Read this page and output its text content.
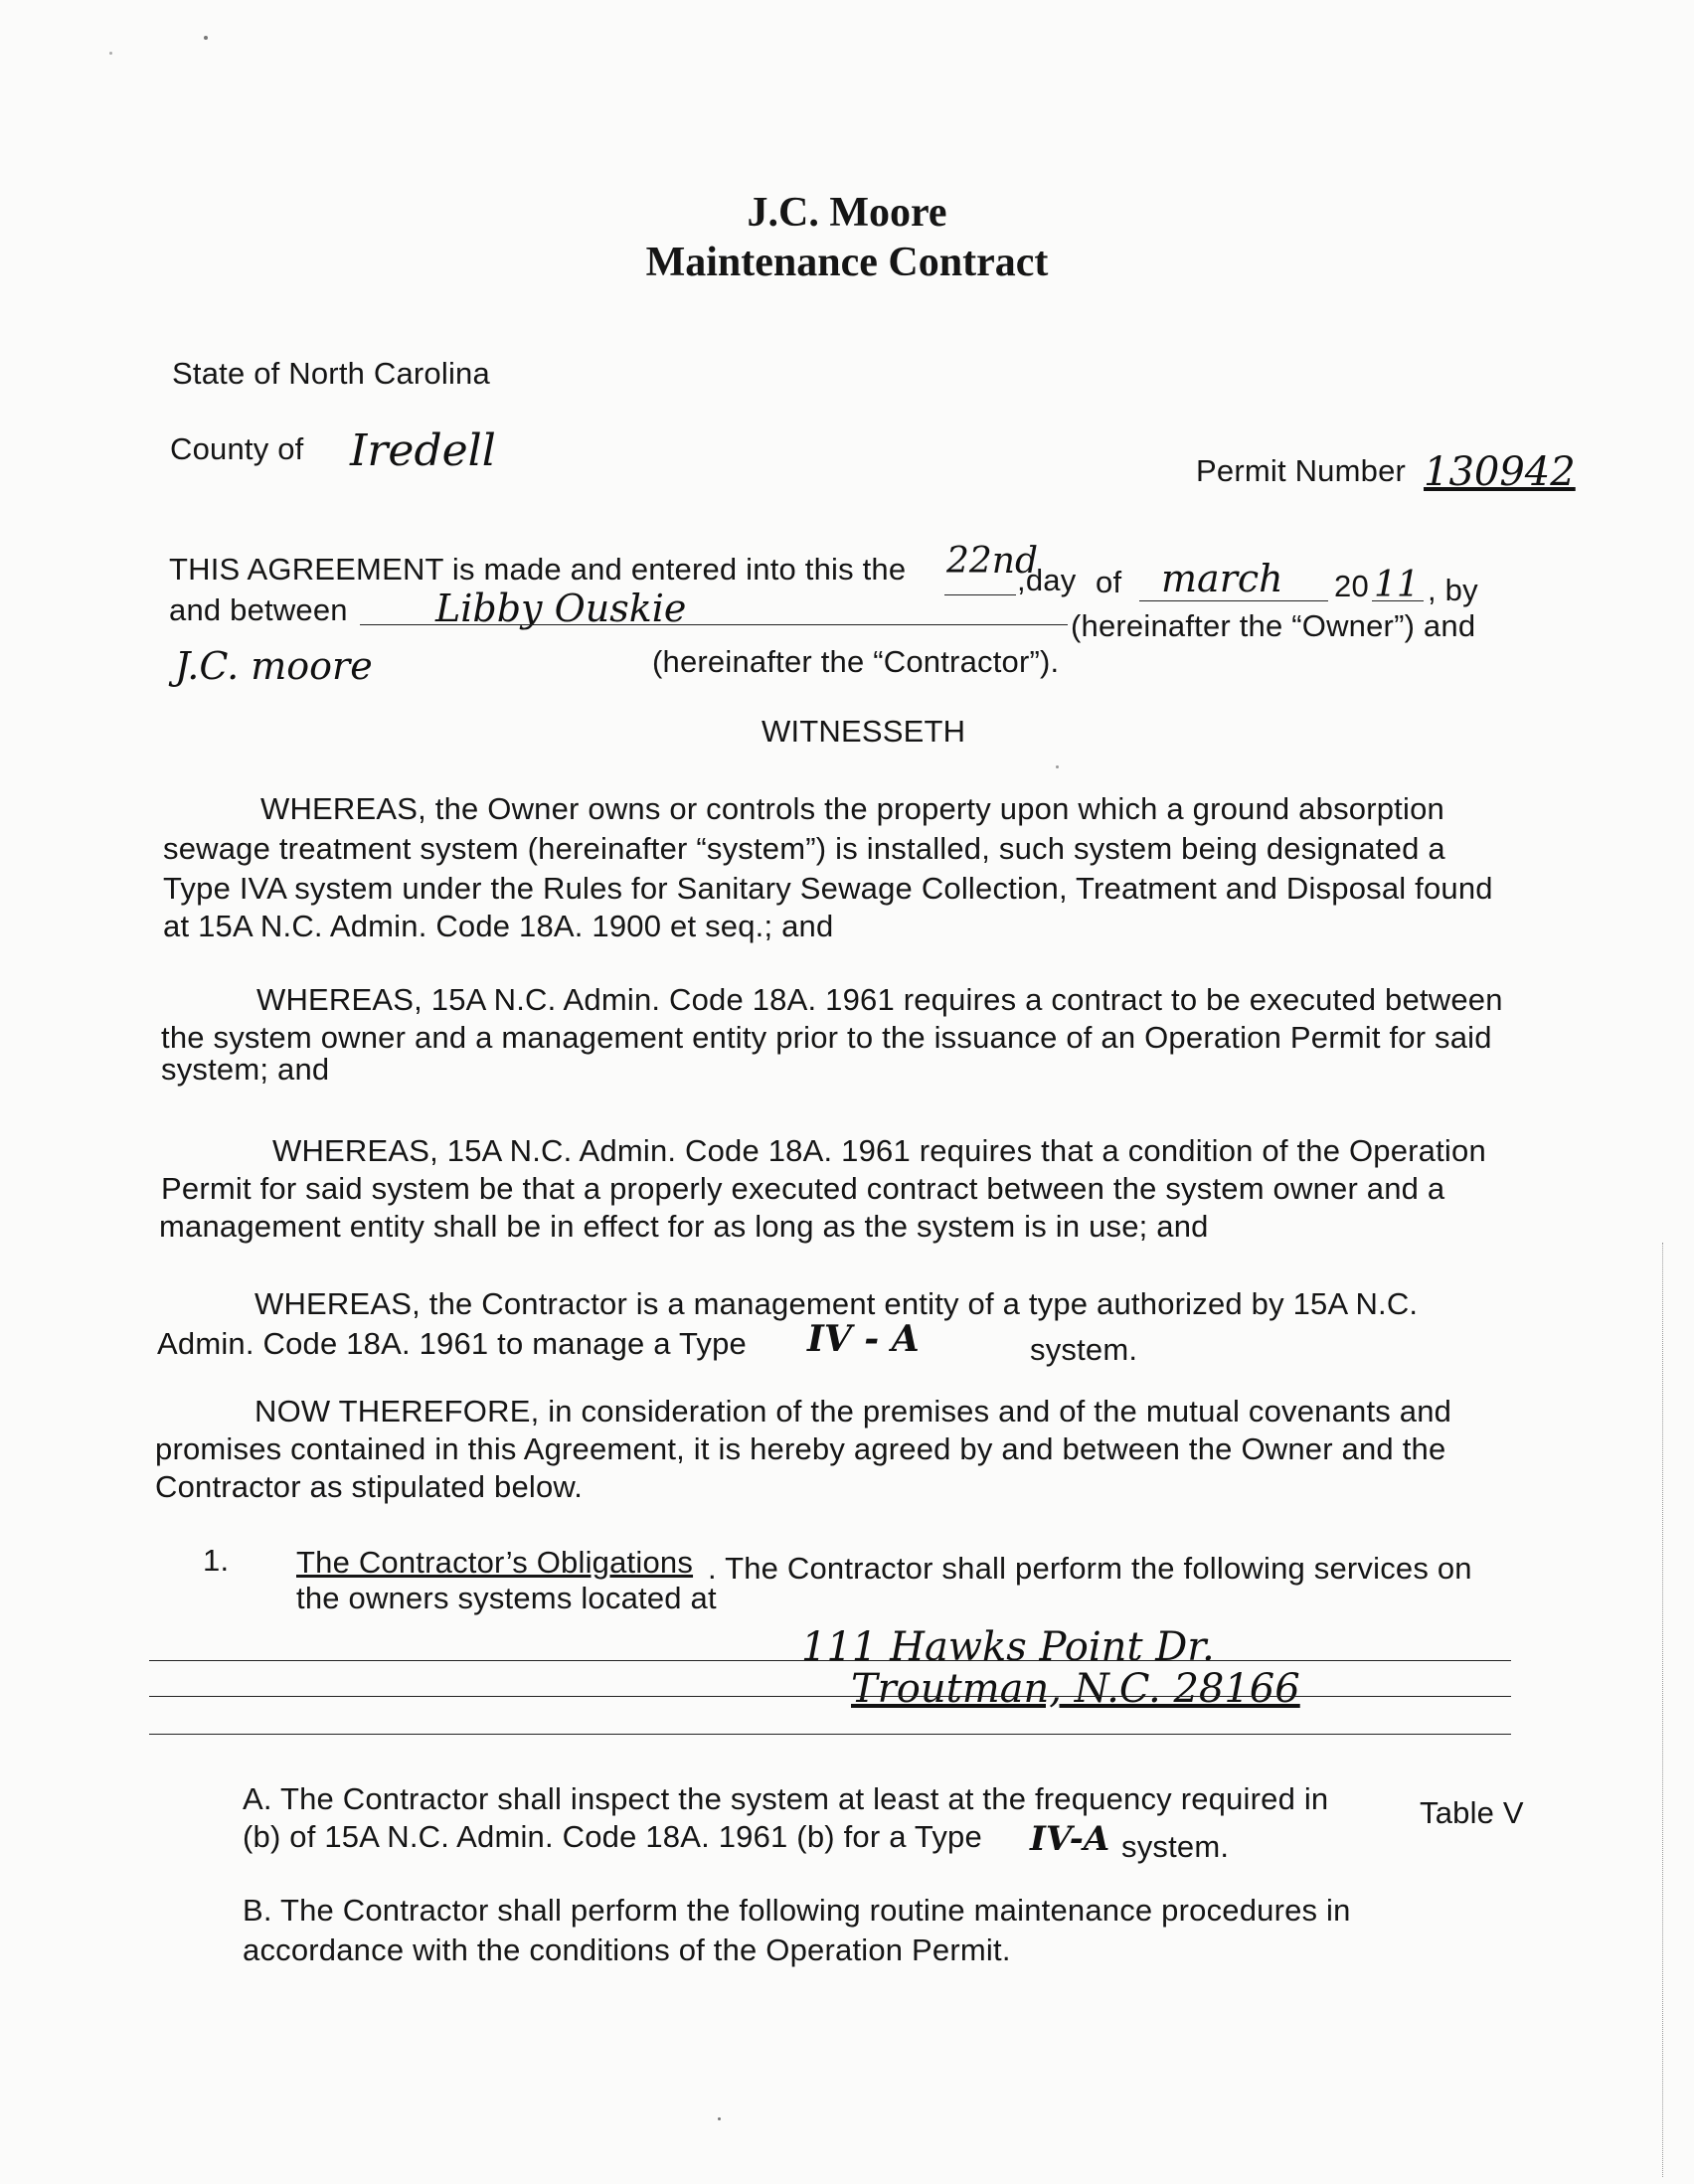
J.C. Moore
Maintenance Contract
State of North Carolina
County of Iredell	Permit Number 130942
THIS AGREEMENT is made and entered into this the 22nd
,day of march 20 11 , by
and between Libby Ouskie	(hereinafter the “Owner”) and
J.C. moore	(hereinafter the “Contractor”).
WITNESSETH
WHEREAS, the Owner owns or controls the property upon which a ground absorption
sewage treatment system (hereinafter “system”) is installed, such system being designated a
Type IVA system under the Rules for Sanitary Sewage Collection, Treatment and Disposal found
at 15A N.C. Admin. Code 18A. 1900 et seq.; and
WHEREAS, 15A N.C. Admin. Code 18A. 1961 requires a contract to be executed between
the system owner and a management entity prior to the issuance of an Operation Permit for said
system; and
WHEREAS, 15A N.C. Admin. Code 18A. 1961 requires that a condition of the Operation
Permit for said system be that a properly executed contract between the system owner and a
management entity shall be in effect for as long as the system is in use; and
WHEREAS, the Contractor is a management entity of a type authorized by 15A N.C.
Admin. Code 18A. 1961 to manage a Type IV - A	system.
NOW THEREFORE, in consideration of the premises and of the mutual covenants and
promises contained in this Agreement, it is hereby agreed by and between the Owner and the
Contractor as stipulated below.
1. The Contractor’s Obligations . The Contractor shall perform the following services on
the owners systems located at
111 Hawks Point Dr.
Troutman, N.C. 28166
A. The Contractor shall inspect the system at least at the frequency required in	Table V
(b) of 15A N.C. Admin. Code 18A. 1961 (b) for a Type IV-A system.
B. The Contractor shall perform the following routine maintenance procedures in
accordance with the conditions of the Operation Permit.
